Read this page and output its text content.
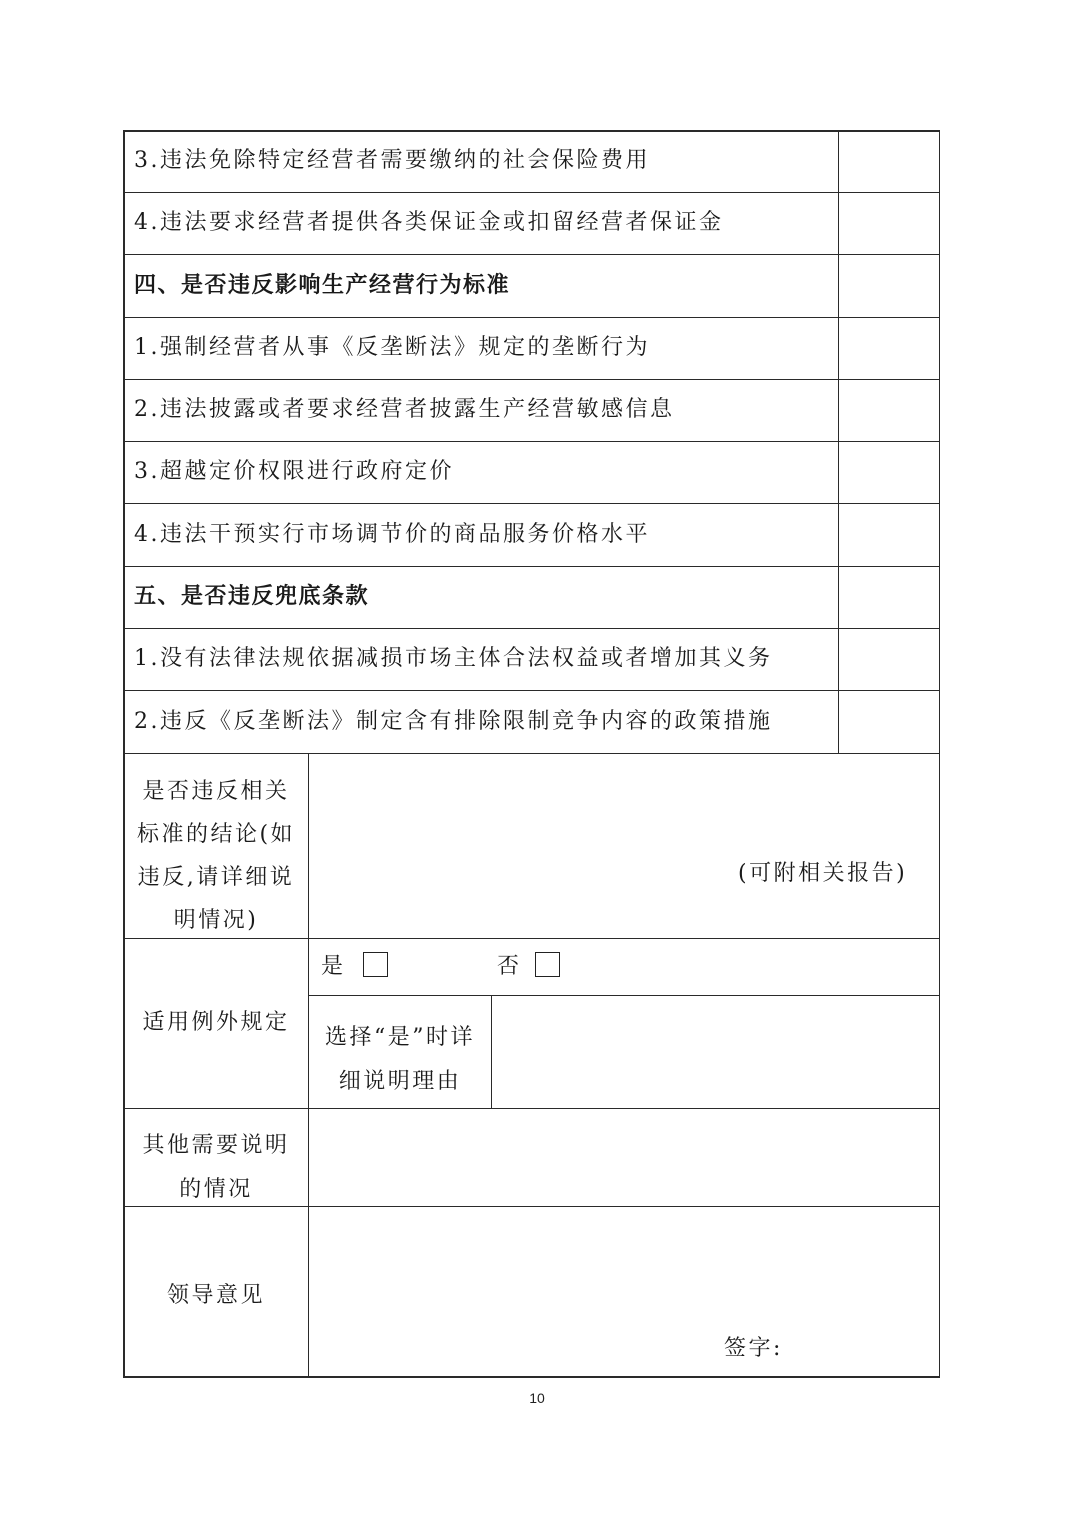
3.违法免除特定经营者需要缴纳的社会保险费用
4.违法要求经营者提供各类保证金或扣留经营者保证金
四、是否违反影响生产经营行为标准
1.强制经营者从事《反垄断法》规定的垄断行为
2.违法披露或者要求经营者披露生产经营敏感信息
3.超越定价权限进行政府定价
4.违法干预实行市场调节价的商品服务价格水平
五、是否违反兜底条款
1.没有法律法规依据减损市场主体合法权益或者增加其义务
2.违反《反垄断法》制定含有排除限制竞争内容的政策措施
是否违反相关
标准的结论(如
违反,请详细说
明情况)
(可附相关报告)
适用例外规定
是	否
选择“是”时详
细说明理由
其他需要说明
的情况
领导意见
签字:
10
